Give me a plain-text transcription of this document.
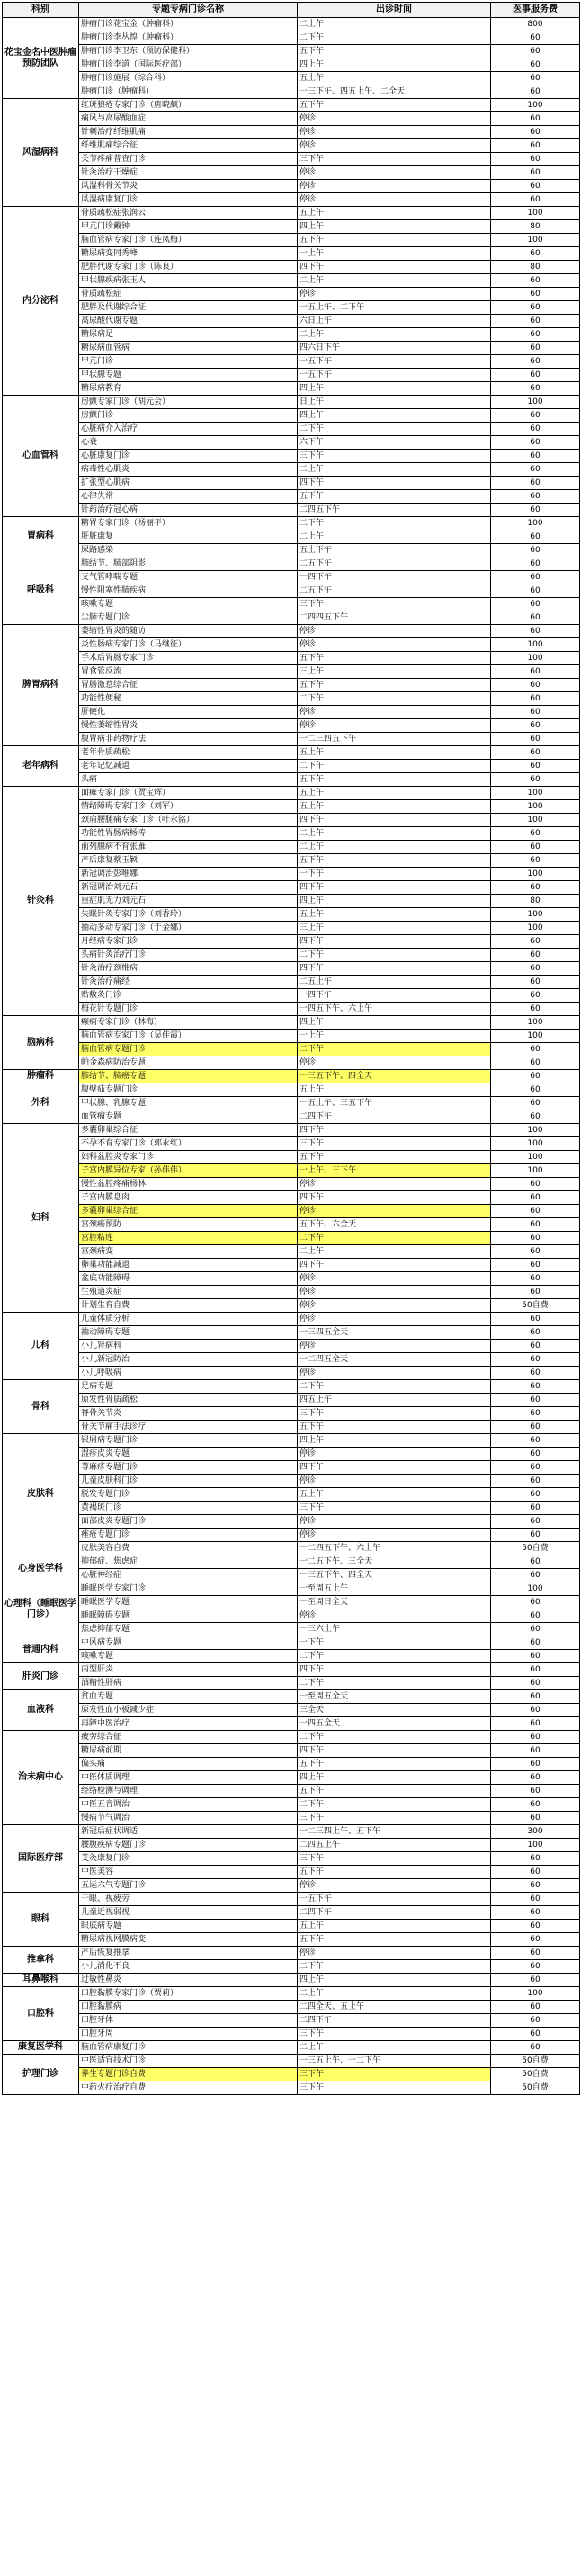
科别	专题专病门诊名称	出诊时间	医事服务费
花宝金名中医肿瘤预防团队	肿瘤门诊花宝金（肿瘤科）	二上午	800
	肿瘤门诊李丛煌（肿瘤科）	二下午	60
	肿瘤门诊李卫东（预防保健科）	五下午	60
	肿瘤门诊李道（国际医疗部）	四上午	60
	肿瘤门诊施展（综合科）	五上午	60
	肿瘤门诊（肿瘤科）	一三下午、四五上午、二全天	60
风湿病科	红斑狼疮专家门诊（唐晓颇）	五下午	100
	痛风与高尿酸血症	停诊	60
	针刺治疗纤维肌痛	停诊	60
	纤维肌痛综合征	停诊	60
	关节疼痛普查门诊	三下午	60
	针灸治疗干燥症	停诊	60
	风湿科骨关节炎	停诊	60
	风湿病康复门诊	停诊	60
内分泌科	骨质疏松症张润云	五上午	100
	甲亢门诊戴钟	四上午	80
	脑血管病专家门诊（连凤梅）	五下午	100
	糖尿病变同秀峰	一上午	60
	肥胖代谢专家门诊（陈良）	四下午	80
	甲状腺疾病张玉人	二上午	60
	骨质疏松症	停诊	60
	肥胖及代谢综合征	一五上午、二下午	60
	高尿酸代谢专题	六日上午	60
	糖尿病足	二上午	60
	糖尿病血管病	四六日下午	60
	甲亢门诊	一五下午	60
	甲状腺专题	一五下午	60
	糖尿病教育	四上午	60
心血管科	房颤专家门诊（胡元会）	日上午	100
	房颤门诊	四上午	60
	心脏病介入治疗	二下午	60
	心衰	六下午	60
	心脏康复门诊	三下午	60
	病毒性心肌炎	二上午	60
	扩张型心肌病	四下午	60
	心律失常	五下午	60
	针药治疗冠心病	二四五下午	60
胃病科	糖胃专家门诊（杨丽平）	二下午	100
	肝脏康复	二上午	60
	尿路感染	五上下午	60
呼吸科	肺结节、肺部阴影	二五下午	60
	支气管哮喘专题	一四下午	60
	慢性阻塞性肺疾病	二五下午	60
	咳嗽专题	三下午	60
	尘肺专题门诊	二四四五下午	60
脾胃病科	萎缩性胃炎的随访	停诊	60
	炎性肠病专家门诊（马继征）	停诊	100
	手术后胃肠专家门诊	五下午	100
	胃食管反流	三上午	60
	胃肠激惹综合征	五下午	60
	功能性便秘	二下午	60
	肝硬化	停诊	60
	慢性萎缩性胃炎	停诊	60
	腹胃病非药物疗法	一二三四五下午	60
老年病科	老年骨质疏松	五上午	60
	老年记忆减退	二下午	60
	头痛	五下午	60
针灸科	面瘫专家门诊（贾宝辉）	五上午	100
	情绪障碍专家门诊（刘军）	五上午	100
	颈肩腰腿痛专家门诊（叶永铭）	四下午	100
	功能性胃肠病杨涛	二上午	60
	前列腺病不育张雁	二上午	60
	产后康复蔡玉颖	五下午	60
	新冠调治彭唯娜	一下午	100
	新冠调治刘元石	四下午	60
	重症肌无力刘元石	四上午	80
	失眠针灸专家门诊（刘香玲）	五上午	100
	抽动多动专家门诊（于金娜）	三上午	100
	月经病专家门诊	四下午	60
	头痛针灸治疗门诊	二下午	60
	针灸治疗颈椎病	四下午	60
	针灸治疗痛经	二五上午	60
	贴敷灸门诊	一四下午	60
	梅花针专题门诊	一四五下午、六上午	60
脑病科	癫痫专家门诊（林海）	四上午	100
	脑血管病专家门诊（吴佳霞）	一上午	100
	脑血管病专题门诊	二下午	60
	帕金森病防治专题	停诊	60
肿瘤科	肺结节、肺癌专题	一三五下午、四全天	60
外科	腹壁疝专题门诊	五上午	60
	甲状腺、乳腺专题	一五上午、三五下午	60
	血管瘤专题	二四下午	60
妇科	多囊卵巢综合征	四下午	100
	不孕不育专家门诊（郭永红）	三下午	100
	妇科盆腔炎专家门诊	五下午	100
	子宫内膜异位专家（孙伟伟）	一上午、三下午	100
	慢性盆腔疼痛杨林	停诊	60
	子宫内膜息肉	四下午	60
	多囊卵巢综合征	停诊	60
	宫颈癌预防	五下午、六全天	60
	宫腔粘连	二下午	60
	宫颈病变	二上午	60
	卵巢功能减退	四下午	60
	盆底功能障碍	停诊	60
	生殖道炎症	停诊	60
	计划生育自费	停诊	50自费
儿科	儿童体质分析	停诊	60
	抽动障碍专题	一三四五全天	60
	小儿肾病科	停诊	60
	小儿新冠防治	一二四五全天	60
	小儿呼吸病	停诊	60
骨科	足病专题	二下午	60
	原发性骨质疏松	四五上午	60
	脊骨关节炎	三下午	60
	骨关节痛手法诊疗	五下午	60
皮肤科	银屑病专题门诊	四上午	60
	湿疹皮炎专题	停诊	60
	荨麻疹专题门诊	四下午	60
	儿童皮肤科门诊	停诊	60
	脱发专题门诊	五上午	60
	黄褐斑门诊	三下午	60
	面部皮炎专题门诊	停诊	60
	痤疮专题门诊	停诊	60
	皮肤美容自费	一二四五下午、六上午	50自费
心身医学科	抑郁症、焦虑症	一二五下午、三全天	60
	心脏神经症	一三五下午、四全天	60
心理科（睡眠医学门诊）	睡眠医学专家门诊	一至周五上午	100
	睡眠医学专题	一至周日全天	60
	睡眠障碍专题	停诊	60
	焦虑抑郁专题	一三六上午	60
普通内科	中风病专题	一下午	60
	咳嗽专题	二下午	60
肝炎门诊	丙型肝炎	四下午	60
	酒精性肝病	二下午	60
血液科	贫血专题	一至周五全天	60
	原发性血小板减少症	三全天	60
	再障中医治疗	一四五全天	60
治未病中心	疲劳综合征	二下午	60
	糖尿病前期	四下午	60
	偏头痛	五下午	60
	中医体质调理	四上午	60
	经络检测与调理	五下午	60
	中医五音调治	二下午	60
	慢病节气调治	三下午	60
国际医疗部	新冠后症状调适	一二三四上午、五下午	300
	腰腹疾病专题门诊	二四五上午	100
	艾灸康复门诊	三下午	60
	中医美容	五下午	60
	五运六气专题门诊	停诊	60
眼科	干眼、视疲劳	一五下午	60
	儿童近视弱视	二四下午	60
	眼底病专题	五上午	60
	糖尿病视网膜病变	五下午	60
推拿科	产后恢复推拿	停诊	60
	小儿消化不良	二下午	60
耳鼻喉科	过敏性鼻炎	四上午	60
口腔科	口腔黏膜专家门诊（贾莉）	二上午	100
	口腔黏膜病	二四全天、五上午	60
	口腔牙体	二四下午	60
	口腔牙周	三下午	60
康复医学科	脑血管病康复门诊	二上午	60
护理门诊	中医适宜技术门诊	一三五上午、一二下午	50自费
	养生专题门诊自费	三下午	50自费
	中药火疗治疗自费	三下午	50自费
